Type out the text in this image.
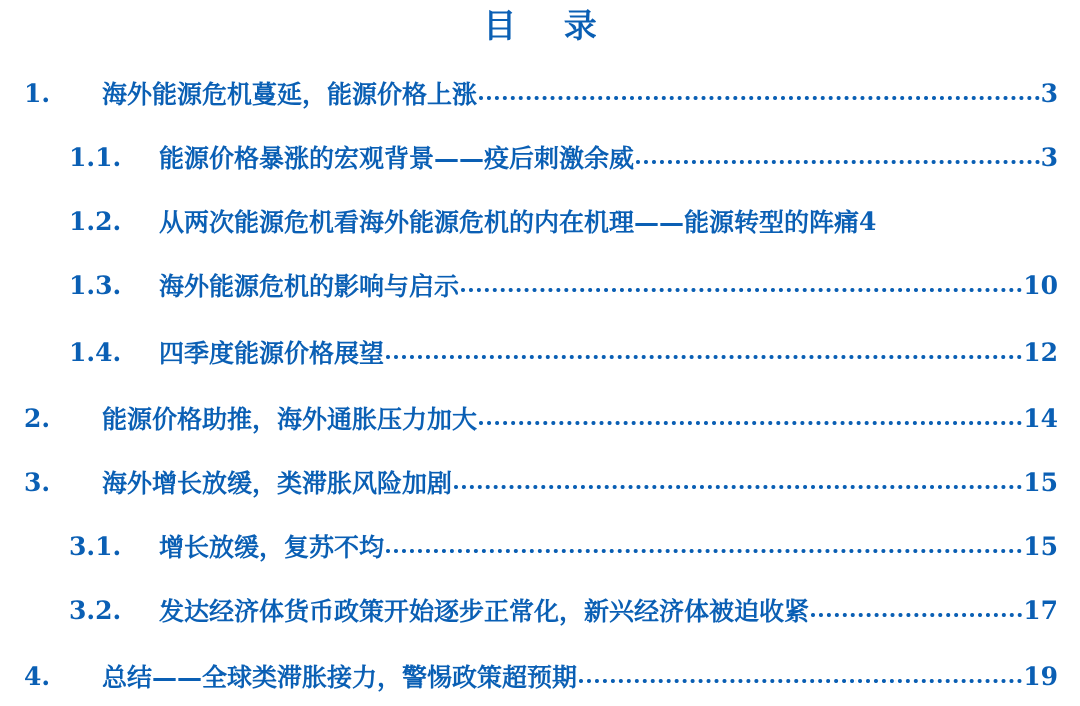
目 录
1.	海外能源危机蔓延，能源价格上涨	3
1.1.	能源价格暴涨的宏观背景——疫后刺激余威	3
1.2.	从两次能源危机看海外能源危机的内在机理——能源转型的阵痛 4
1.3.	海外能源危机的影响与启示	10
1.4.	四季度能源价格展望	12
2.	能源价格助推，海外通胀压力加大	14
3.	海外增长放缓，类滞胀风险加剧	15
3.1.	增长放缓，复苏不均	15
3.2.	发达经济体货币政策开始逐步正常化，新兴经济体被迫收紧	17
4.	总结——全球类滞胀接力，警惕政策超预期	19
